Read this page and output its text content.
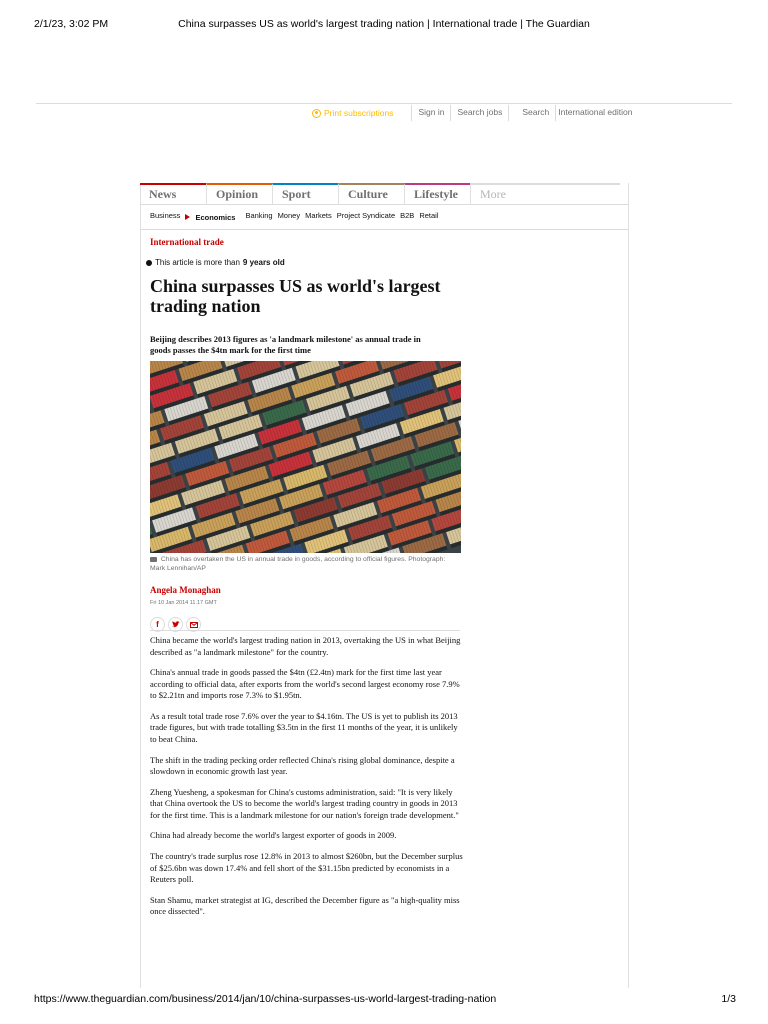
2/1/23, 3:02 PM	China surpasses US as world's largest trading nation | International trade | The Guardian
Print subscriptions	Sign in	Search jobs	Search	International edition
News	Opinion	Sport	Culture	Lifestyle	More
Business Economics Banking Money Markets Project Syndicate B2B Retail
International trade
This article is more than 9 years old
China surpasses US as world's largest trading nation
Beijing describes 2013 figures as 'a landmark milestone' as annual trade in goods passes the $4tn mark for the first time
China has overtaken the US in annual trade in goods, according to official figures. Photograph: Mark Lennihan/AP
Angela Monaghan
Fri 10 Jan 2014 11.17 GMT
f

China became the world's largest trading nation in 2013, overtaking the US in what Beijing described as "a landmark milestone" for the country.

China's annual trade in goods passed the $4tn (£2.4tn) mark for the first time last year according to official data, after exports from the world's second largest economy rose 7.9% to $2.21tn and imports rose 7.3% to $1.95tn.

As a result total trade rose 7.6% over the year to $4.16tn. The US is yet to publish its 2013 trade figures, but with trade totalling $3.5tn in the first 11 months of the year, it is unlikely to beat China.

The shift in the trading pecking order reflected China's rising global dominance, despite a slowdown in economic growth last year.

Zheng Yuesheng, a spokesman for China's customs administration, said: "It is very likely that China overtook the US to become the world's largest trading country in goods in 2013 for the first time. This is a landmark milestone for our nation's foreign trade development."

China had already become the world's largest exporter of goods in 2009.

The country's trade surplus rose 12.8% in 2013 to almost $260bn, but the December surplus of $25.6bn was down 17.4% and fell short of the $31.15bn predicted by economists in a Reuters poll.

Stan Shamu, market strategist at IG, described the December figure as "a high-quality miss once dissected".

https://www.theguardian.com/business/2014/jan/10/china-surpasses-us-world-largest-trading-nation	1/3
